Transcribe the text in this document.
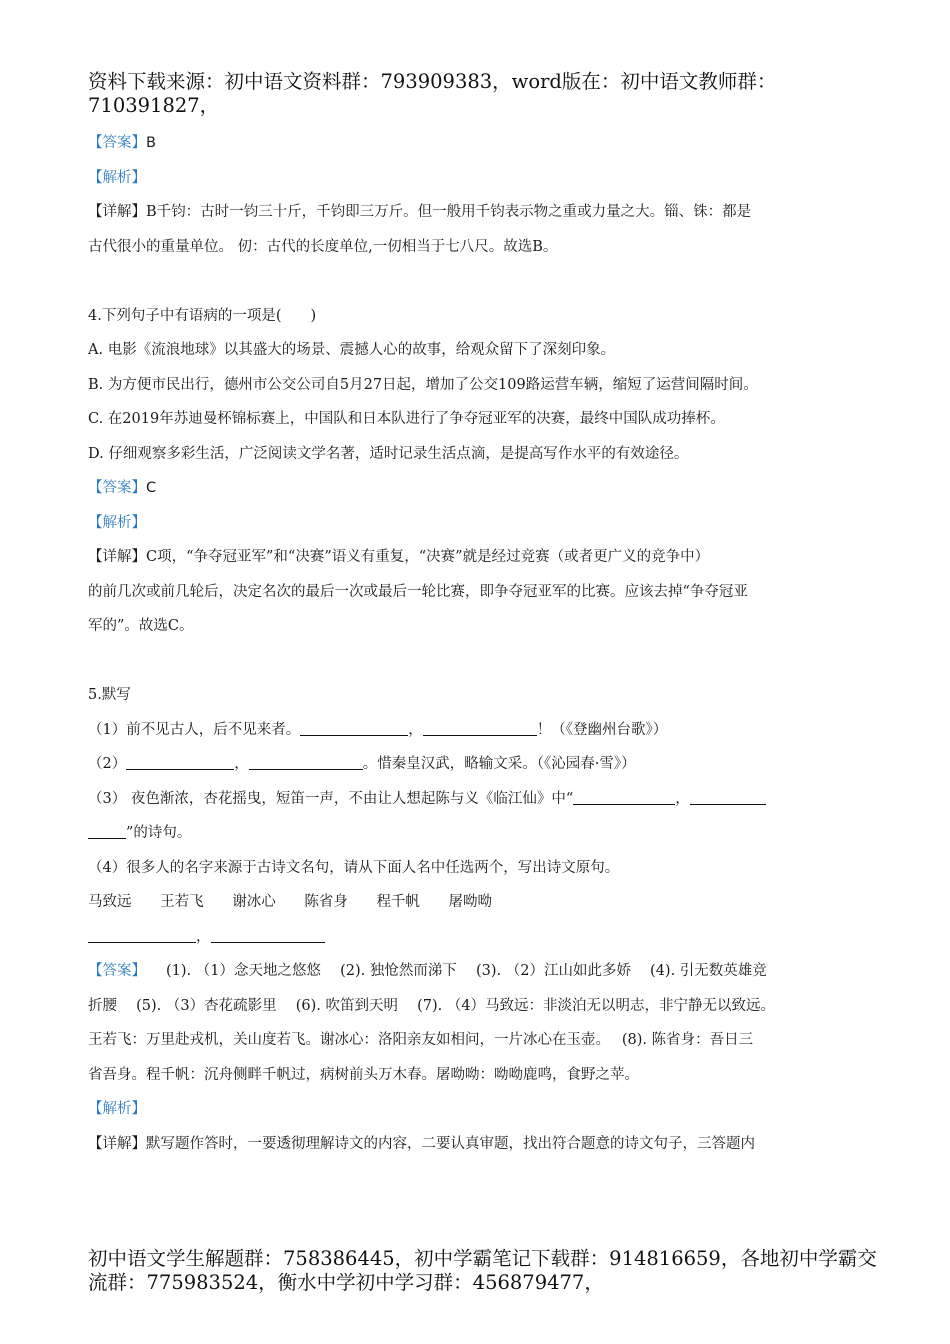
资料下载来源：初中语文资料群：793909383，word版在：初中语文教师群：710391827，
【答案】B
【解析】
【详解】B千钧：古时一钧三十斤，千钧即三万斤。但一般用千钧表示物之重或力量之大。锱、铢：都是
古代很小的重量单位。 仞：古代的长度单位,一仞相当于七八尺。故选B。
4.下列句子中有语病的一项是(　　)
A. 电影《流浪地球》以其盛大的场景、震撼人心的故事，给观众留下了深刻印象。
B. 为方便市民出行，德州市公交公司自5月27日起，增加了公交109路运营车辆，缩短了运营间隔时间。
C. 在2019年苏迪曼杯锦标赛上，中国队和日本队进行了争夺冠亚军的决赛，最终中国队成功捧杯。
D. 仔细观察多彩生活，广泛阅读文学名著，适时记录生活点滴，是提高写作水平的有效途径。
【答案】C
【解析】
【详解】C项，“争夺冠亚军”和“决赛”语义有重复，“决赛”就是经过竞赛（或者更广义的竞争中）
的前几次或前几轮后，决定名次的最后一次或最后一轮比赛，即争夺冠亚军的比赛。应该去掉“争夺冠亚
军的”。故选C。
5.默写
（1）前不见古人，后不见来者。	，	！（《登幽州台歌》）
（2）	，	。惜秦皇汉武，略输文采。（《沁园春·雪》）
（3） 夜色渐浓，杏花摇曳，短笛一声，不由让人想起陈与义《临江仙》中“	，
”的诗句。
（4）很多人的名字来源于古诗文名句，请从下面人名中任选两个，写出诗文原句。
马致远 王若飞 谢冰心 陈省身 程千帆 屠呦呦
，
【答案】 (1). （1）念天地之悠悠　 (2). 独怆然而涕下　 (3). （2）江山如此多娇　 (4). 引无数英雄竞
折腰　 (5). （3）杏花疏影里　 (6). 吹笛到天明　 (7). （4）马致远：非淡泊无以明志，非宁静无以致远。
王若飞：万里赴戎机，关山度若飞。谢冰心：洛阳亲友如相问，一片冰心在玉壶。　 (8). 陈省身：吾日三
省吾身。程千帆：沉舟侧畔千帆过，病树前头万木春。屠呦呦：呦呦鹿鸣，食野之苹。
【解析】
【详解】默写题作答时，一要透彻理解诗文的内容，二要认真审题，找出符合题意的诗文句子，三答题内
初中语文学生解题群：758386445，初中学霸笔记下载群：914816659，各地初中学霸交流群：775983524，衡水中学初中学习群：456879477，
